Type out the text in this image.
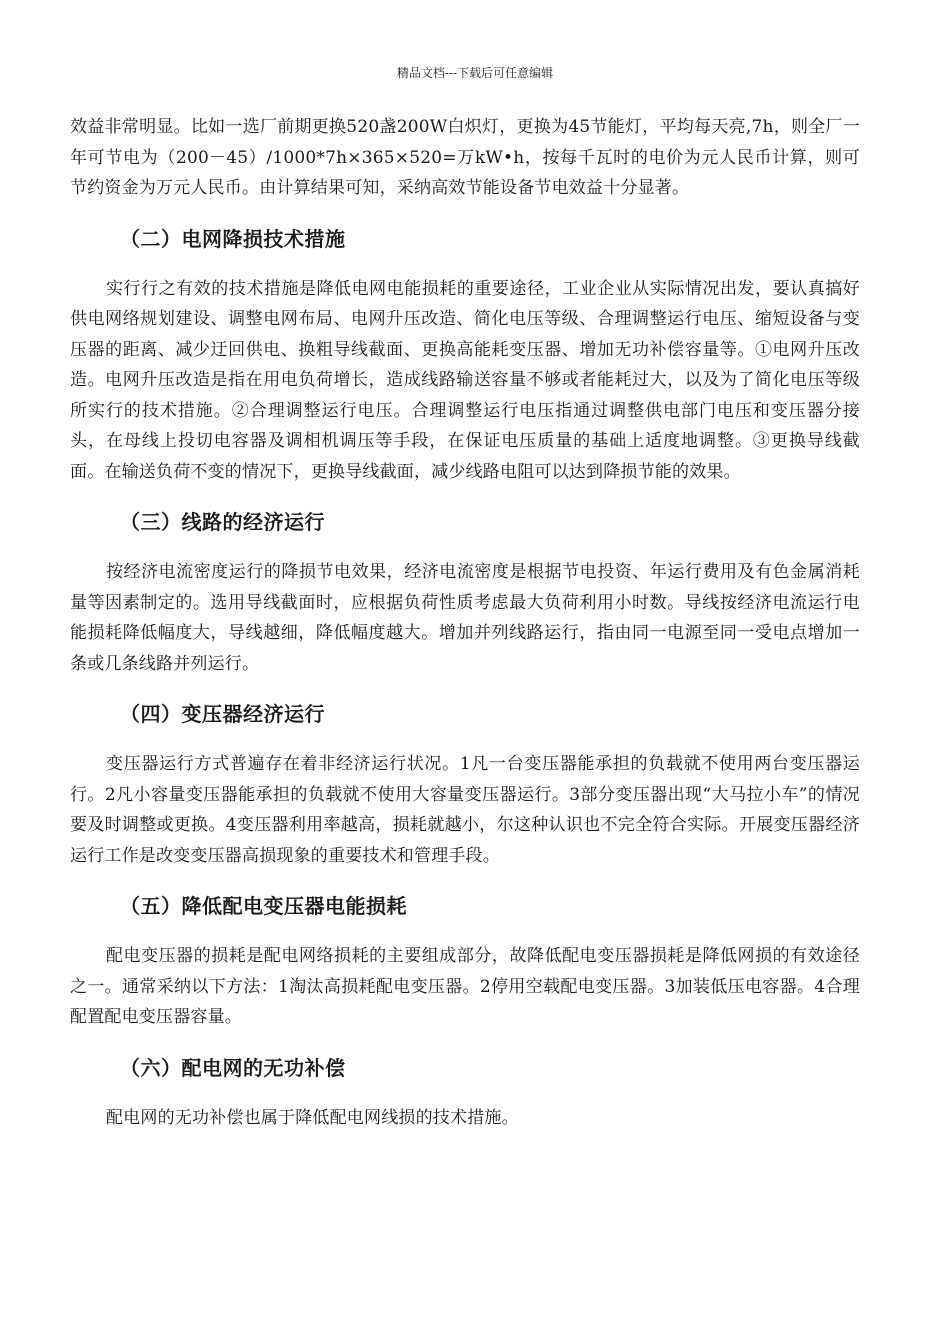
精品文档---下载后可任意编辑

效益非常明显。比如一选厂前期更换520盏200W白炽灯，更换为45节能灯，平均每天亮,7h，则全厂一年可节电为（200－45）/1000*7h×365×520=万kW•h，按每千瓦时的电价为元人民币计算，则可节约资金为万元人民币。由计算结果可知，采纳高效节能设备节电效益十分显著。

（二）电网降损技术措施

实行行之有效的技术措施是降低电网电能损耗的重要途径，工业企业从实际情况出发，要认真搞好供电网络规划建设、调整电网布局、电网升压改造、简化电压等级、合理调整运行电压、缩短设备与变压器的距离、减少迂回供电、换粗导线截面、更换高能耗变压器、增加无功补偿容量等。①电网升压改造。电网升压改造是指在用电负荷增长，造成线路输送容量不够或者能耗过大，以及为了简化电压等级所实行的技术措施。②合理调整运行电压。合理调整运行电压指通过调整供电部门电压和变压器分接头，在母线上投切电容器及调相机调压等手段，在保证电压质量的基础上适度地调整。③更换导线截面。在输送负荷不变的情况下，更换导线截面，减少线路电阻可以达到降损节能的效果。

（三）线路的经济运行

按经济电流密度运行的降损节电效果，经济电流密度是根据节电投资、年运行费用及有色金属消耗量等因素制定的。选用导线截面时，应根据负荷性质考虑最大负荷利用小时数。导线按经济电流运行电能损耗降低幅度大，导线越细，降低幅度越大。增加并列线路运行，指由同一电源至同一受电点增加一条或几条线路并列运行。

（四）变压器经济运行

变压器运行方式普遍存在着非经济运行状况。1凡一台变压器能承担的负载就不使用两台变压器运行。2凡小容量变压器能承担的负载就不使用大容量变压器运行。3部分变压器出现“大马拉小车”的情况要及时调整或更换。4变压器利用率越高，损耗就越小，尔这种认识也不完全符合实际。开展变压器经济运行工作是改变变压器高损现象的重要技术和管理手段。

（五）降低配电变压器电能损耗

配电变压器的损耗是配电网络损耗的主要组成部分，故降低配电变压器损耗是降低网损的有效途径之一。通常采纳以下方法：1淘汰高损耗配电变压器。2停用空载配电变压器。3加装低压电容器。4合理配置配电变压器容量。

（六）配电网的无功补偿

配电网的无功补偿也属于降低配电网线损的技术措施。
